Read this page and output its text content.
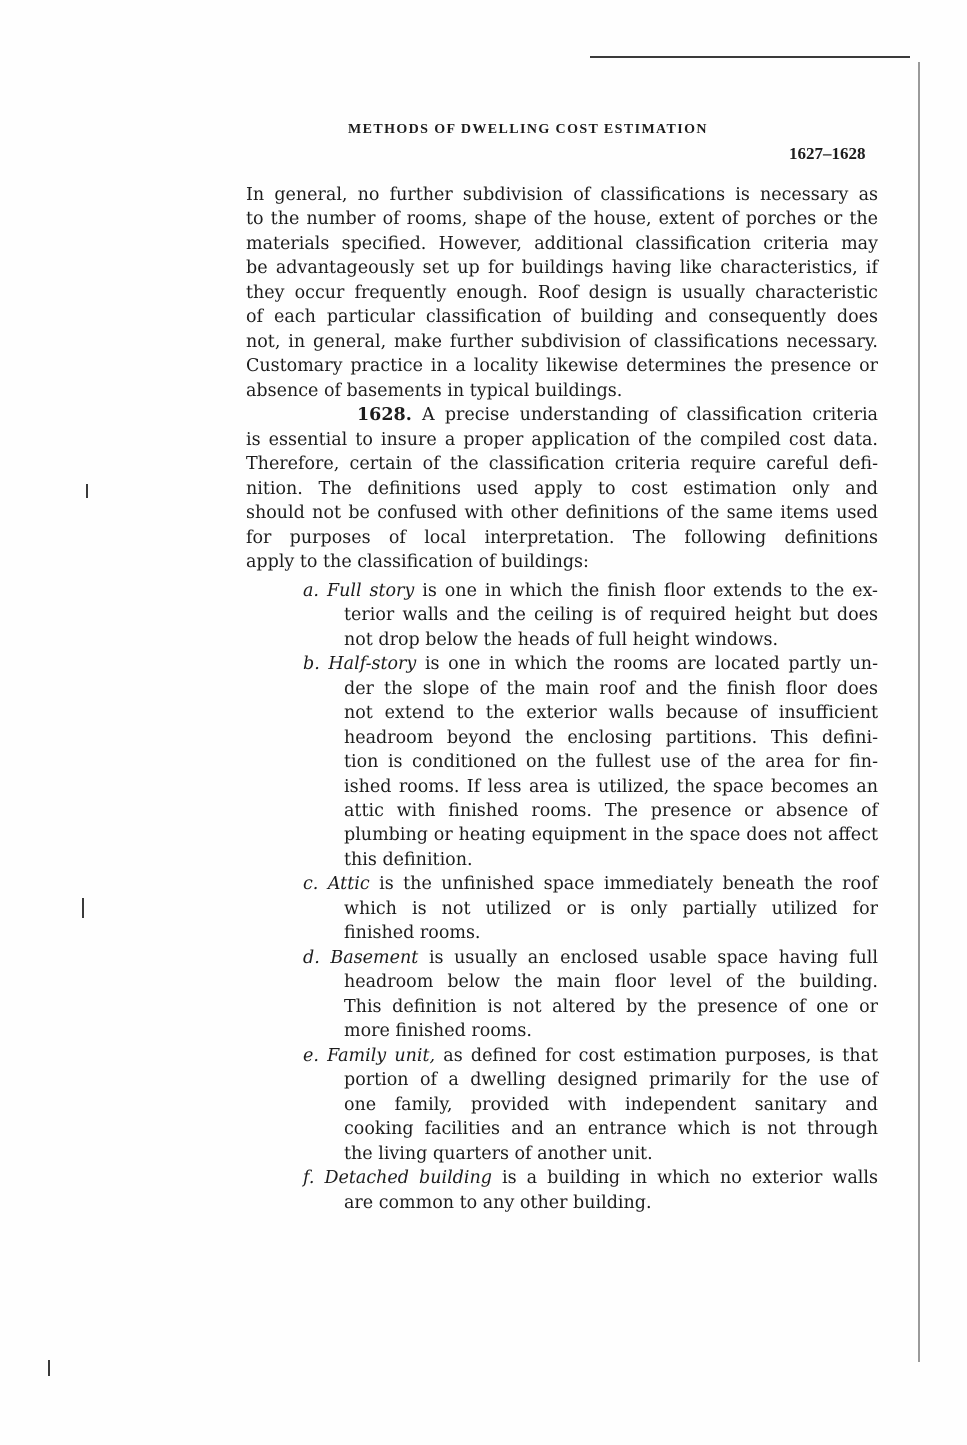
METHODS OF DWELLING COST ESTIMATION
1627–1628
In general, no further subdivision of classifications is necessary as
to the number of rooms, shape of the house, extent of porches or the
materials specified. However, additional classification criteria may
be advantageously set up for buildings having like characteristics, if
they occur frequently enough. Roof design is usually characteristic
of each particular classification of building and consequently does
not, in general, make further subdivision of classifications necessary.
Customary practice in a locality likewise determines the presence or
absence of basements in typical buildings.
1628. A precise understanding of classification criteria
is essential to insure a proper application of the compiled cost data.
Therefore, certain of the classification criteria require careful defi-
nition. The definitions used apply to cost estimation only and
should not be confused with other definitions of the same items used
for purposes of local interpretation. The following definitions
apply to the classification of buildings:
a. Full story is one in which the finish floor extends to the ex-
terior walls and the ceiling is of required height but does
not drop below the heads of full height windows.
b. Half-story is one in which the rooms are located partly un-
der the slope of the main roof and the finish floor does
not extend to the exterior walls because of insufficient
headroom beyond the enclosing partitions. This defini-
tion is conditioned on the fullest use of the area for fin-
ished rooms. If less area is utilized, the space becomes an
attic with finished rooms. The presence or absence of
plumbing or heating equipment in the space does not affect
this definition.
c. Attic is the unfinished space immediately beneath the roof
which is not utilized or is only partially utilized for
finished rooms.
d. Basement is usually an enclosed usable space having full
headroom below the main floor level of the building.
This definition is not altered by the presence of one or
more finished rooms.
e. Family unit, as defined for cost estimation purposes, is that
portion of a dwelling designed primarily for the use of
one family, provided with independent sanitary and
cooking facilities and an entrance which is not through
the living quarters of another unit.
f. Detached building is a building in which no exterior walls
are common to any other building.
